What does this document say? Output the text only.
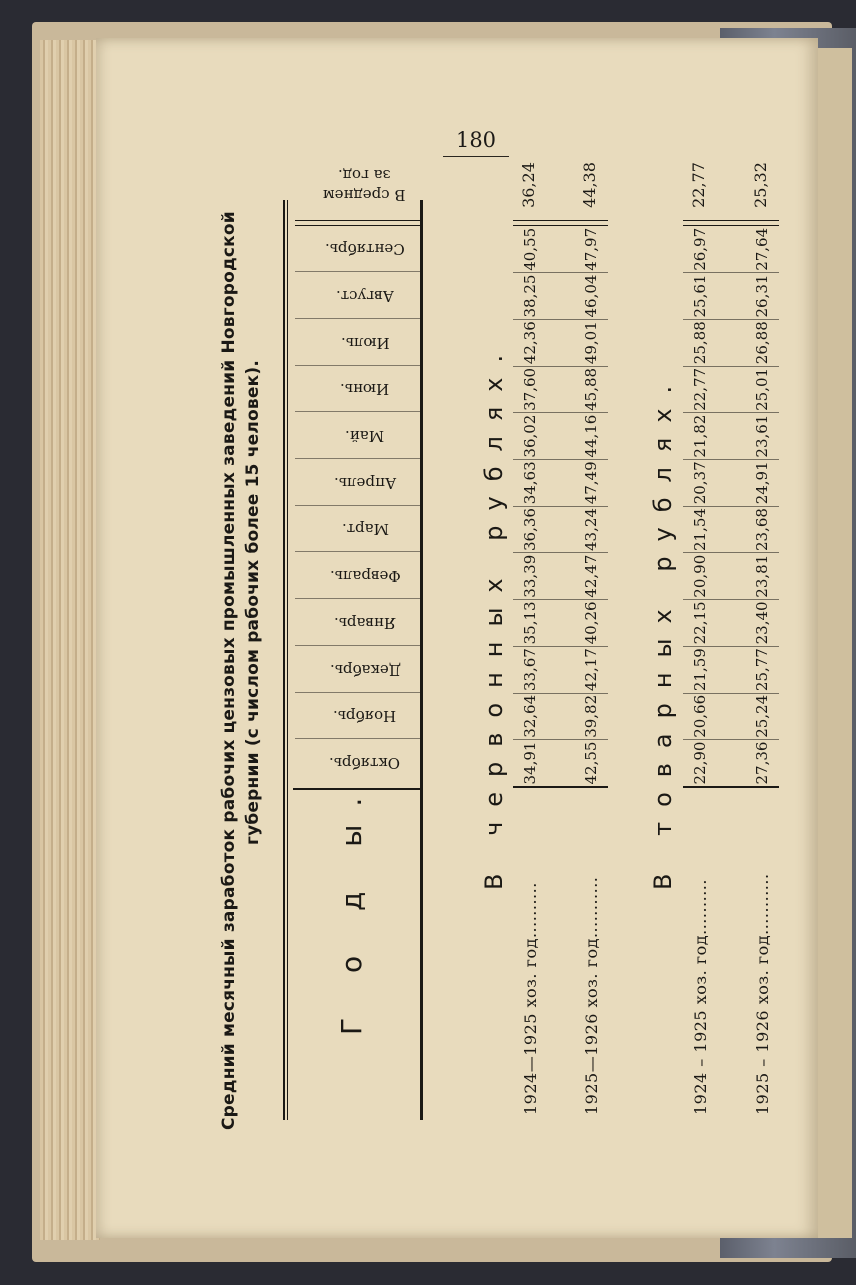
180
Средний месячный заработок рабочих цензовых промышленных заведений Новгородской губернии (с числом рабочих более 15 человек).
Г о д ы.
Октябрь.
Ноябрь.
Декабрь.
Январь.
Февраль.
Март.
Апрель.
Май.
Июнь.
Июль.
Август.
Сентябрь.
В среднем
за год.
В червонных рублях.
1924—1925 хоз. год..........
34,91
32,64
33,67
35,13
33,39
36,36
34,63
36,02
37,60
42,36
38,25
40,55
36,24
1925—1926 хоз. год...........
42,55
39,82
42,17
40,26
42,47
43,24
47,49
44,16
45,88
49,01
46,04
47,97
44,38
В товарных рублях.
1924 – 1925 хоз. год..........
22,90
20,66
21,59
22,15
20,90
21,54
20,37
21,82
22,77
25,88
25,61
26,97
22,77
1925 – 1926 хоз. год...........
27,36
25,24
25,77
23,40
23,81
23,68
24,91
23,61
25,01
26,88
26,31
27,64
25,32
